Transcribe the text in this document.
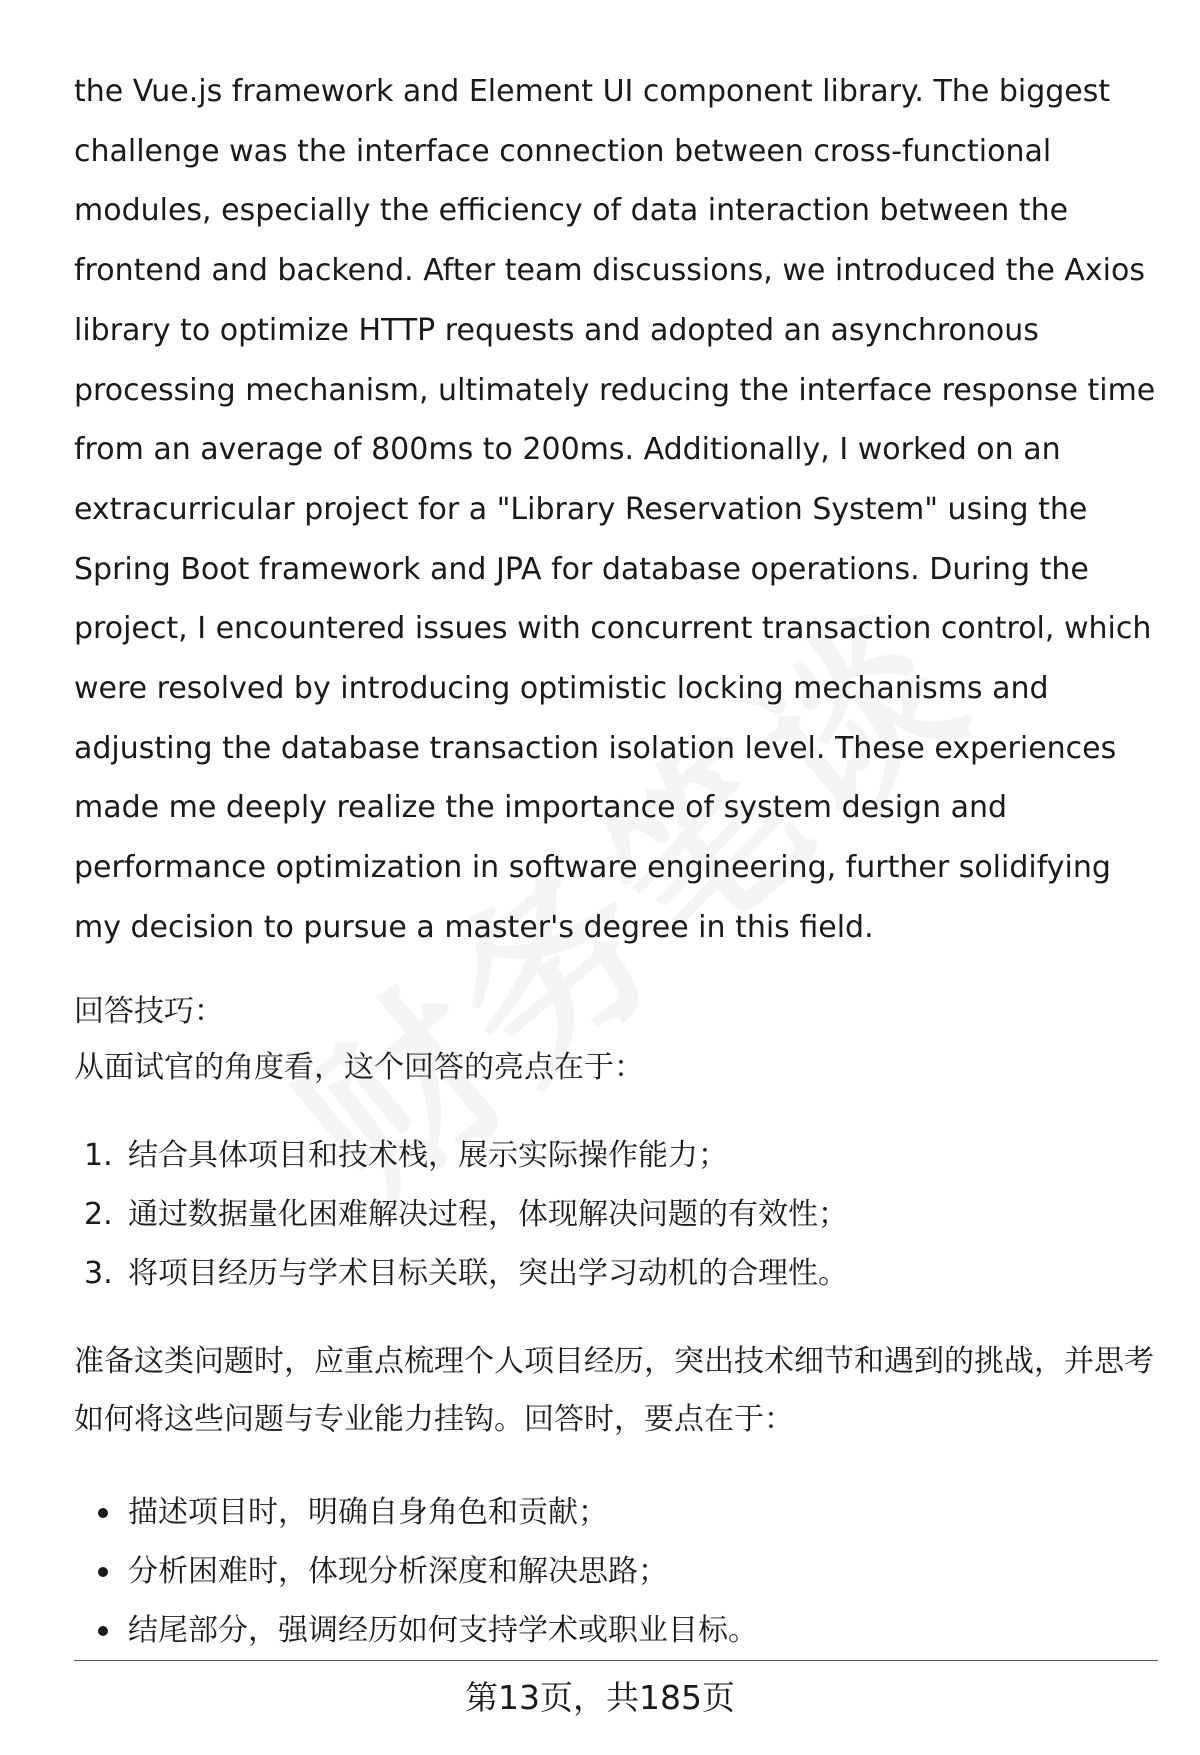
the Vue.js framework and Element UI component library. The biggest challenge was the interface connection between cross-functional modules, especially the efficiency of data interaction between the frontend and backend. After team discussions, we introduced the Axios library to optimize HTTP requests and adopted an asynchronous processing mechanism, ultimately reducing the interface response time from an average of 800ms to 200ms. Additionally, I worked on an extracurricular project for a "Library Reservation System" using the Spring Boot framework and JPA for database operations. During the project, I encountered issues with concurrent transaction control, which were resolved by introducing optimistic locking mechanisms and adjusting the database transaction isolation level. These experiences made me deeply realize the importance of system design and performance optimization in software engineering, further solidifying my decision to pursue a master's degree in this field.

回答技巧：

从面试官的角度看，这个回答的亮点在于：

1. 结合具体项目和技术栈，展示实际操作能力；
2. 通过数据量化困难解决过程，体现解决问题的有效性；
3. 将项目经历与学术目标关联，突出学习动机的合理性。

准备这类问题时，应重点梳理个人项目经历，突出技术细节和遇到的挑战，并思考如何将这些问题与专业能力挂钩。回答时，要点在于：

描述项目时，明确自身角色和贡献；
分析困难时，体现分析深度和解决思路；
结尾部分，强调经历如何支持学术或职业目标。
第13页，共185页
